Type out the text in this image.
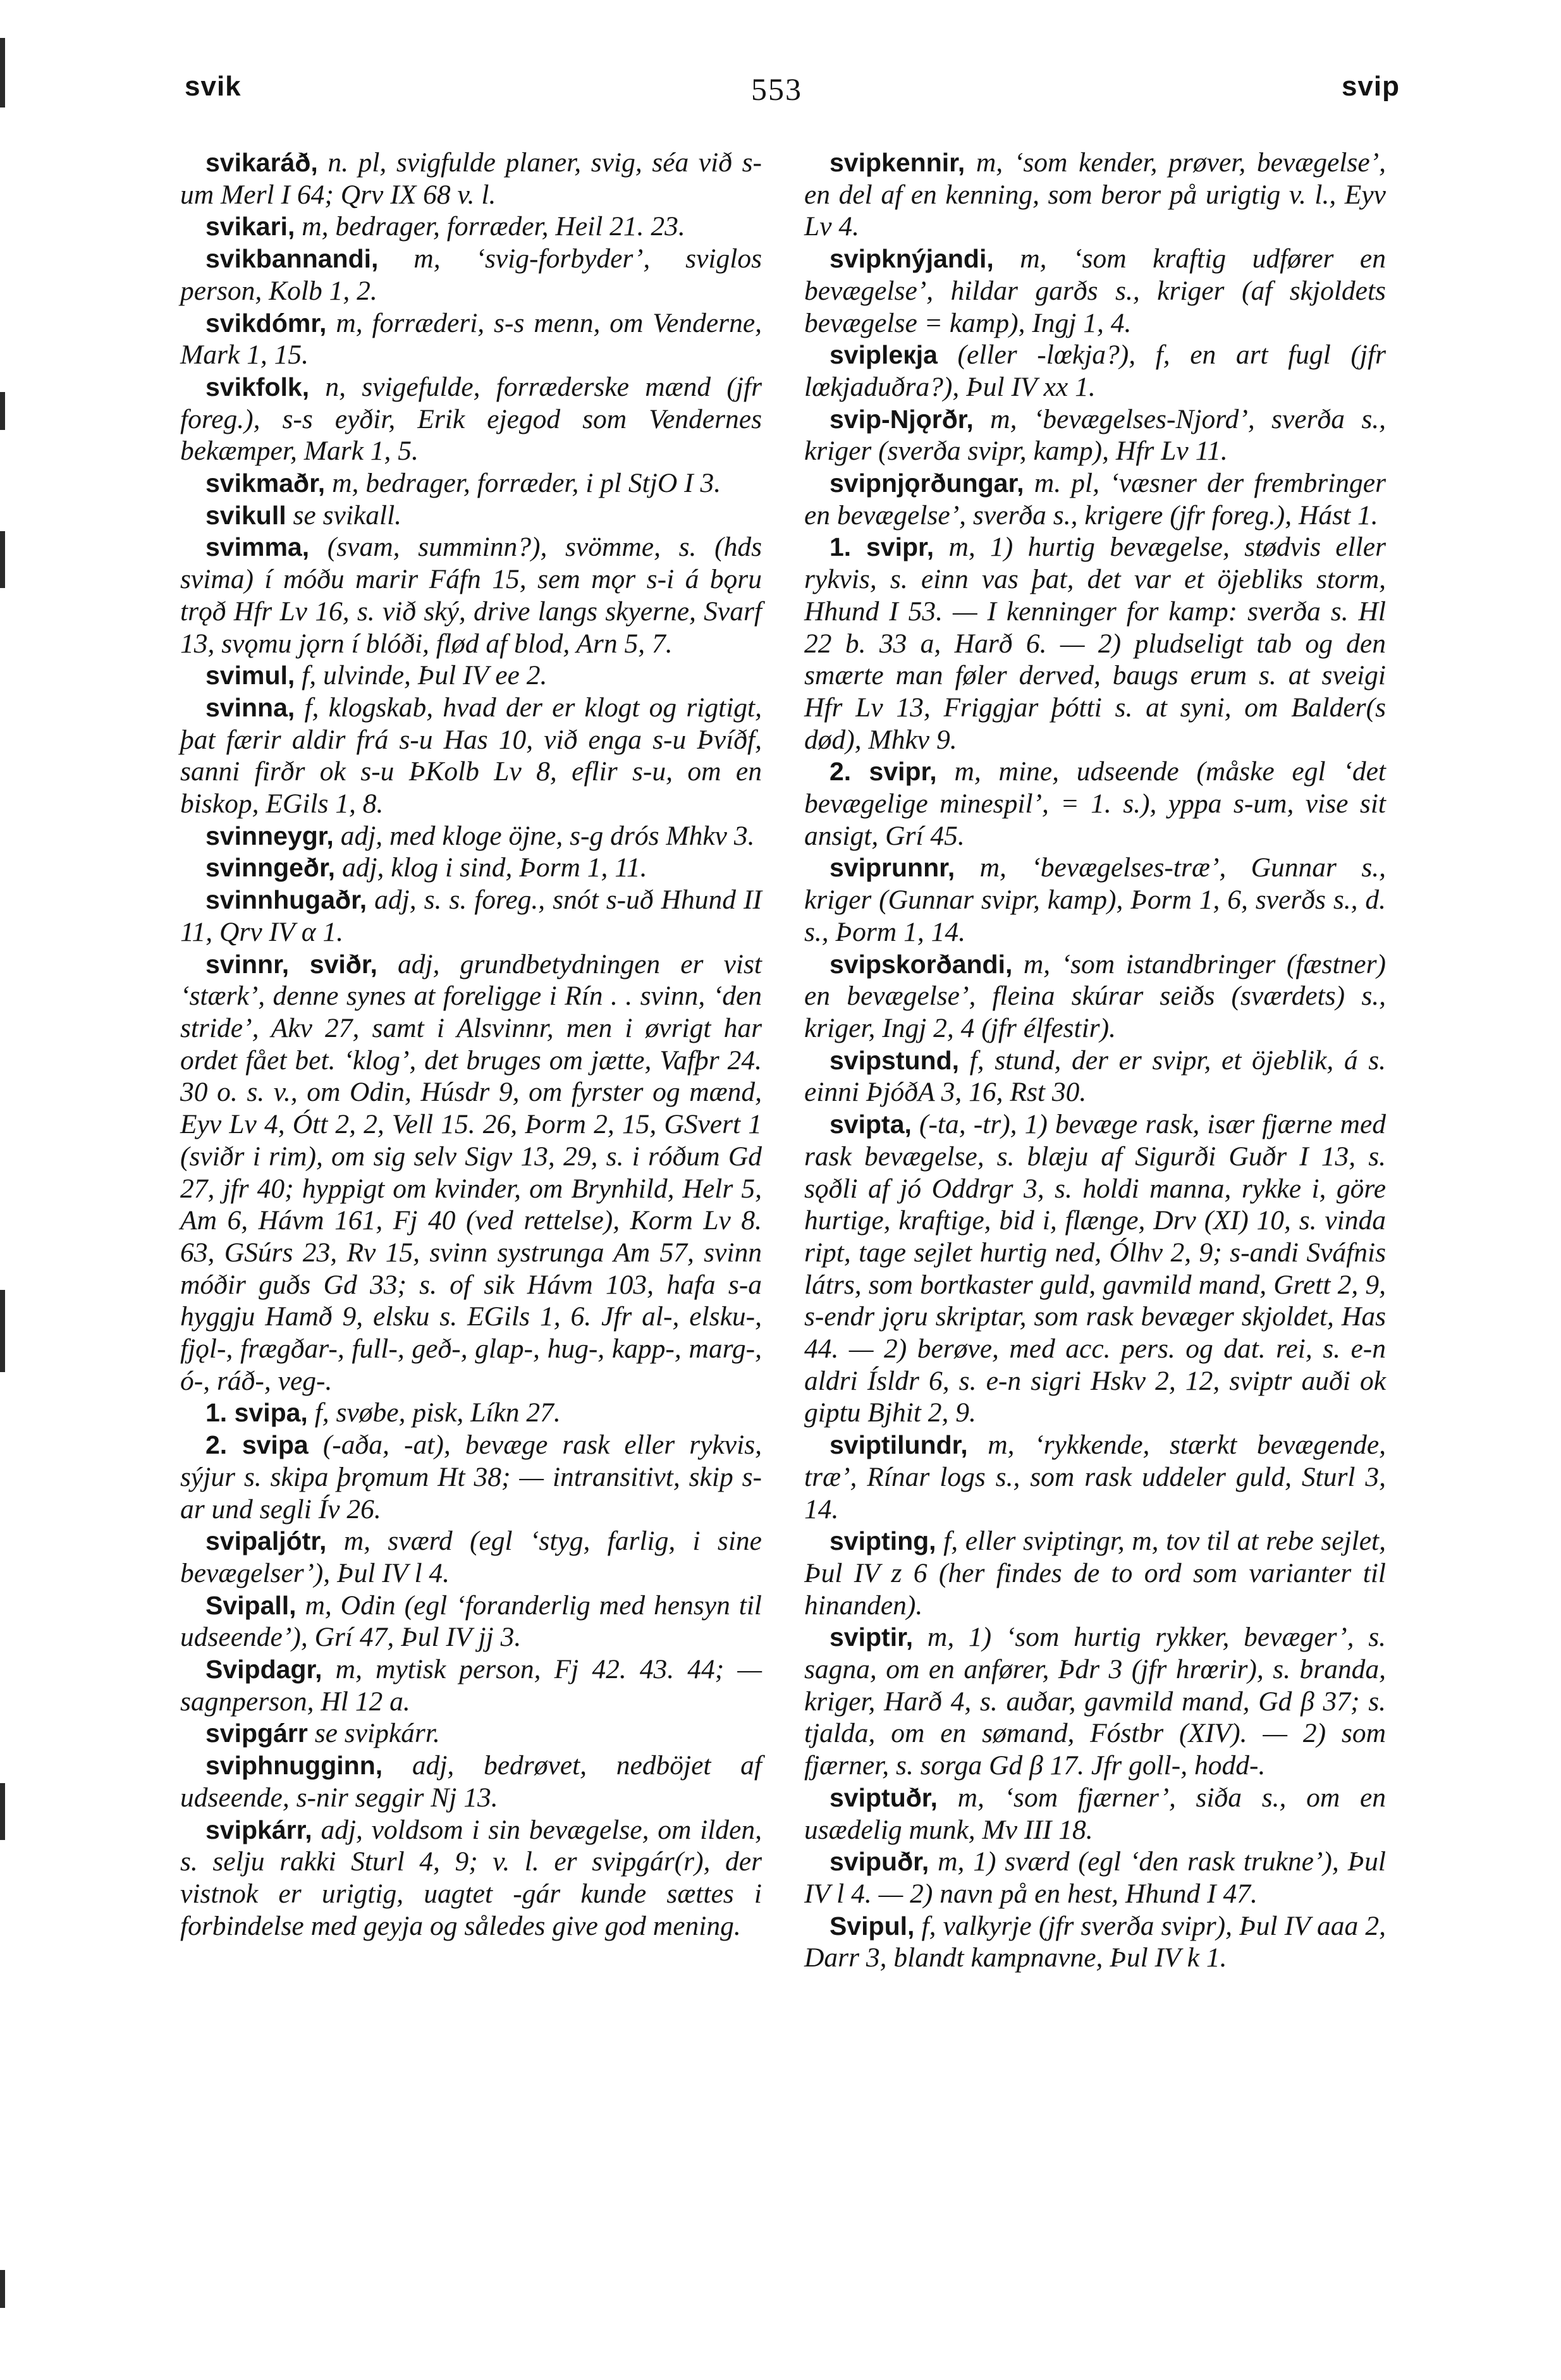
svik	553	svip

svikaráð, n. pl, svigfulde planer, svig, séa við s-um Merl I 64; Qrv IX 68 v. l.

svikari, m, bedrager, forræder, Heil 21. 23.

svikbannandi, m, ‘svig-forbyder’, sviglos person, Kolb 1, 2.

svikdómr, m, forræderi, s-s menn, om Venderne, Mark 1, 15.

svikfolk, n, svigefulde, forræderske mænd (jfr foreg.), s-s eyðir, Erik ejegod som Vendernes bekæmper, Mark 1, 5.

svikmaðr, m, bedrager, forræder, i pl StjO I 3.

svikull se svikall.

svimma, (svam, summinn?), svömme, s. (hds svima) í móðu marir Fáfn 15, sem mǫr s-i á bǫru trǫð Hfr Lv 16, s. við ský, drive langs skyerne, Svarf 13, svǫmu jǫrn í blóði, flød af blod, Arn 5, 7.

svimul, f, ulvinde, Þul IV ee 2.

svinna, f, klogskab, hvad der er klogt og rigtigt, þat færir aldir frá s-u Has 10, við enga s-u Þvíðf, sanni firðr ok s-u ÞKolb Lv 8, eflir s-u, om en biskop, EGils 1, 8.

svinneygr, adj, med kloge öjne, s-g drós Mhkv 3.

svinngeðr, adj, klog i sind, Þorm 1, 11.

svinnhugaðr, adj, s. s. foreg., snót s-uð Hhund II 11, Qrv IV α 1.

svinnr, sviðr, adj, grundbetydningen er vist ‘stærk’, denne synes at foreligge i Rín . . svinn, ‘den stride’, Akv 27, samt i Alsvinnr, men i øvrigt har ordet fået bet. ‘klog’, det bruges om jætte, Vafþr 24. 30 o. s. v., om Odin, Húsdr 9, om fyrster og mænd, Eyv Lv 4, Ótt 2, 2, Vell 15. 26, Þorm 2, 15, GSvert 1 (sviðr i rim), om sig selv Sigv 13, 29, s. i róðum Gd 27, jfr 40; hyppigt om kvinder, om Brynhild, Helr 5, Am 6, Hávm 161, Fj 40 (ved rettelse), Korm Lv 8. 63, GSúrs 23, Rv 15, svinn systrunga Am 57, svinn móðir guðs Gd 33; s. of sik Hávm 103, hafa s-a hyggju Hamð 9, elsku s. EGils 1, 6. Jfr al-, elsku-, fjǫl-, frægðar-, full-, geð-, glap-, hug-, kapp-, marg-, ó-, ráð-, veg-.

1. svipa, f, svøbe, pisk, Líkn 27.

2. svipa (-aða, -at), bevæge rask eller rykvis, sýjur s. skipa þrǫmum Ht 38; — intransitivt, skip s-ar und segli Ív 26.

svipaljótr, m, sværd (egl ‘styg, farlig, i sine bevægelser’), Þul IV l 4.

Svipall, m, Odin (egl ‘foranderlig med hensyn til udseende’), Grí 47, Þul IV jj 3.

Svipdagr, m, mytisk person, Fj 42. 43. 44; — sagnperson, Hl 12 a.

svipgárr se svipkárr.

sviphnugginn, adj, bedrøvet, nedböjet af udseende, s-nir seggir Nj 13.

svipkárr, adj, voldsom i sin bevægelse, om ilden, s. selju rakki Sturl 4, 9; v. l. er svipgár(r), der vistnok er urigtig, uagtet -gár kunde sættes i forbindelse med geyja og således give god mening.

svipkennir, m, ‘som kender, prøver, bevægelse’, en del af en kenning, som beror på urigtig v. l., Eyv Lv 4.

svipknýjandi, m, ‘som kraftig udfører en bevægelse’, hildar garðs s., kriger (af skjoldets bevægelse = kamp), Ingj 1, 4.

svipleкja (eller -lœkja?), f, en art fugl (jfr lœkjaduðra?), Þul IV xx 1.

svip-Njǫrðr, m, ‘bevægelses-Njord’, sverða s., kriger (sverða svipr, kamp), Hfr Lv 11.

svipnjǫrðungar, m. pl, ‘væsner der frembringer en bevægelse’, sverða s., krigere (jfr foreg.), Hást 1.

1. svipr, m, 1) hurtig bevægelse, stødvis eller rykvis, s. einn vas þat, det var et öjebliks storm, Hhund I 53. — I kenninger for kamp: sverða s. Hl 22 b. 33 a, Harð 6. — 2) pludseligt tab og den smærte man føler derved, baugs erum s. at sveigi Hfr Lv 13, Friggjar þótti s. at syni, om Balder(s død), Mhkv 9.

2. svipr, m, mine, udseende (måske egl ‘det bevægelige minespil’, = 1. s.), yppa s-um, vise sit ansigt, Grí 45.

sviprunnr, m, ‘bevægelses-træ’, Gunnar s., kriger (Gunnar svipr, kamp), Þorm 1, 6, sverðs s., d. s., Þorm 1, 14.

svipskorðandi, m, ‘som istandbringer (fæstner) en bevægelse’, fleina skúrar seiðs (sværdets) s., kriger, Ingj 2, 4 (jfr élfestir).

svipstund, f, stund, der er svipr, et öjeblik, á s. einni ÞjóðA 3, 16, Rst 30.

svipta, (-ta, -tr), 1) bevæge rask, især fjærne med rask bevægelse, s. blæju af Sigurði Guðr I 13, s. sǫðli af jó Oddrgr 3, s. holdi manna, rykke i, göre hurtige, kraftige, bid i, flænge, Drv (XI) 10, s. vinda ript, tage sejlet hurtig ned, Ólhv 2, 9; s-andi Sváfnis látrs, som bortkaster guld, gavmild mand, Grett 2, 9, s-endr jǫru skriptar, som rask bevæger skjoldet, Has 44. — 2) berøve, med acc. pers. og dat. rei, s. e-n aldri Ísldr 6, s. e-n sigri Hskv 2, 12, sviptr auði ok giptu Bjhit 2, 9.

sviptilundr, m, ‘rykkende, stærkt bevægende, træ’, Rínar logs s., som rask uddeler guld, Sturl 3, 14.

svipting, f, eller sviptingr, m, tov til at rebe sejlet, Þul IV z 6 (her findes de to ord som varianter til hinanden).

sviptir, m, 1) ‘som hurtig rykker, bevæger’, s. sagna, om en anfører, Þdr 3 (jfr hrœrir), s. branda, kriger, Harð 4, s. auðar, gavmild mand, Gd β 37; s. tjalda, om en sømand, Fóstbr (XIV). — 2) som fjærner, s. sorga Gd β 17. Jfr goll-, hodd-.

sviptuðr, m, ‘som fjærner’, siða s., om en usædelig munk, Mv III 18.

svipuðr, m, 1) sværd (egl ‘den rask trukne’), Þul IV l 4. — 2) navn på en hest, Hhund I 47.

Svipul, f, valkyrje (jfr sverða svipr), Þul IV aaa 2, Darr 3, blandt kampnavne, Þul IV k 1.
